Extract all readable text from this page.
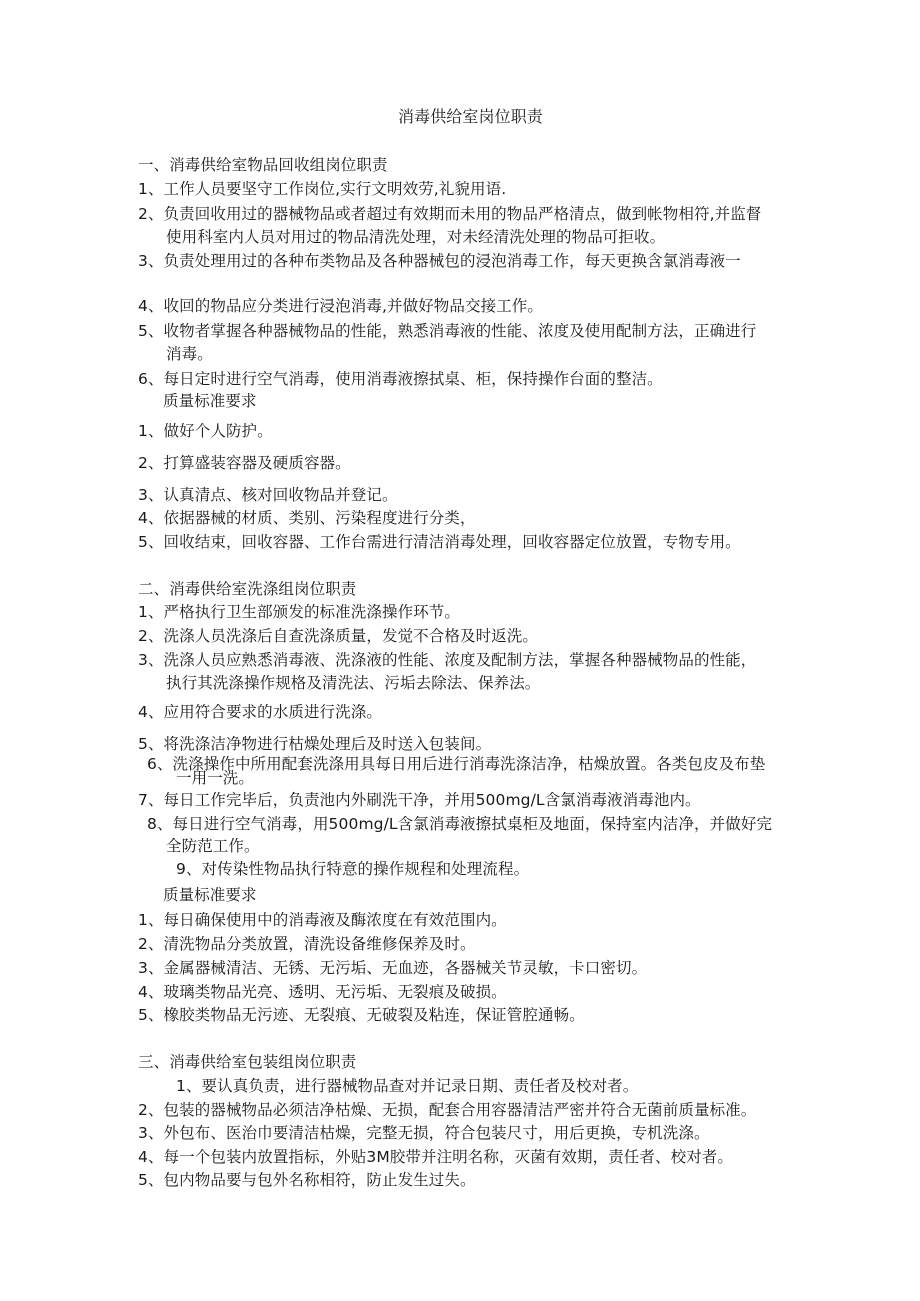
消毒供给室岗位职责
一、消毒供给室物品回收组岗位职责
1、工作人员要坚守工作岗位,实行文明效劳,礼貌用语.
2、负责回收用过的器械物品或者超过有效期而未用的物品严格清点，做到帐物相符,并监督
使用科室内人员对用过的物品清洗处理，对未经清洗处理的物品可拒收。
3、负责处理用过的各种布类物品及各种器械包的浸泡消毒工作，每天更换含氯消毒液一
4、收回的物品应分类进行浸泡消毒,并做好物品交接工作。
5、收物者掌握各种器械物品的性能，熟悉消毒液的性能、浓度及使用配制方法，正确进行
消毒。
6、每日定时进行空气消毒，使用消毒液擦拭桌、柜，保持操作台面的整洁。
质量标准要求
1、做好个人防护。
2、打算盛装容器及硬质容器。
3、认真清点、核对回收物品并登记。
4、依据器械的材质、类别、污染程度进行分类，
5、回收结束，回收容器、工作台需进行清洁消毒处理，回收容器定位放置，专物专用。
二、消毒供给室洗涤组岗位职责
1、严格执行卫生部颁发的标准洗涤操作环节。
2、洗涤人员洗涤后自查洗涤质量，发觉不合格及时返洗。
3、洗涤人员应熟悉消毒液、洗涤液的性能、浓度及配制方法，掌握各种器械物品的性能，
执行其洗涤操作规格及清洗法、污垢去除法、保养法。
4、应用符合要求的水质进行洗涤。
5、将洗涤洁净物进行枯燥处理后及时送入包装间。
6、洗涤操作中所用配套洗涤用具每日用后进行消毒洗涤洁净，枯燥放置。各类包皮及布垫
一用一洗。
7、每日工作完毕后，负责池内外刷洗干净，并用500mg∕L含氯消毒液消毒池内。
8、每日进行空气消毒，用500mg∕L含氯消毒液擦拭桌柜及地面，保持室内洁净，并做好完
全防范工作。
9、对传染性物品执行特意的操作规程和处理流程。
质量标准要求
1、每日确保使用中的消毒液及酶浓度在有效范围内。
2、清洗物品分类放置，清洗设备维修保养及时。
3、金属器械清洁、无锈、无污垢、无血迹，各器械关节灵敏，卡口密切。
4、玻璃类物品光亮、透明、无污垢、无裂痕及破损。
5、橡胶类物品无污迹、无裂痕、无破裂及粘连，保证管腔通畅。
三、消毒供给室包装组岗位职责
1、要认真负责，进行器械物品查对并记录日期、责任者及校对者。
2、包装的器械物品必须洁净枯燥、无损，配套合用容器清洁严密并符合无菌前质量标准。
3、外包布、医治巾要清洁枯燥，完整无损，符合包装尺寸，用后更换，专机洗涤。
4、每一个包装内放置指标，外贴3M胶带并注明名称，灭菌有效期，责任者、校对者。
5、包内物品要与包外名称相符，防止发生过失。
